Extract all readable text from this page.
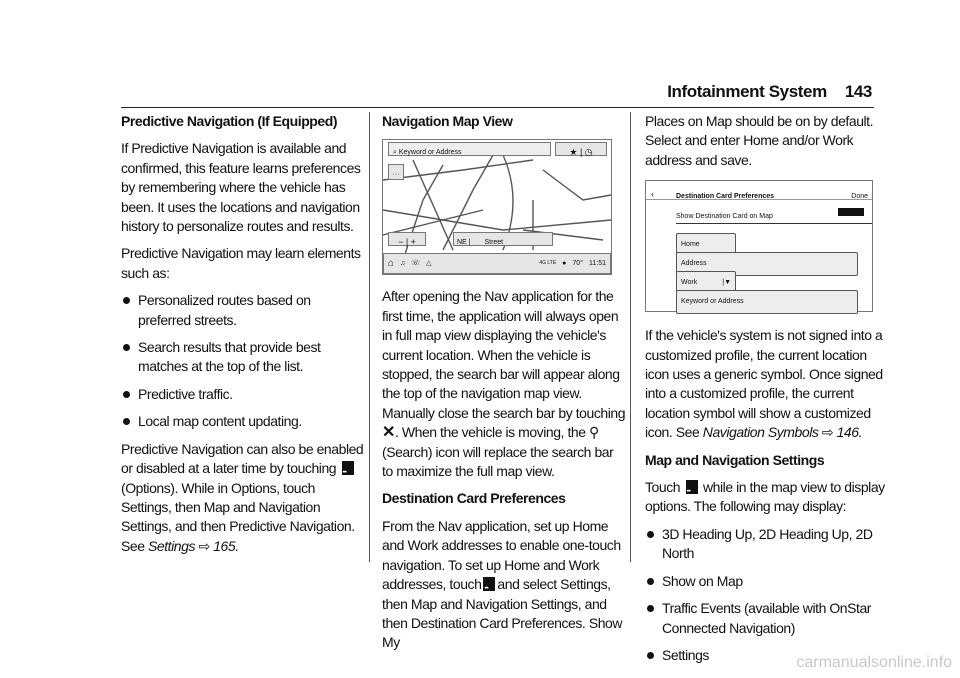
Infotainment System 143
Predictive Navigation (If Equipped)

If Predictive Navigation is available and confirmed, this feature learns preferences by remembering where the vehicle has been. It uses the locations and navigation history to personalize routes and results.

Predictive Navigation may learn elements such as:

Personalized routes based on preferred streets.
Search results that provide best matches at the top of the list.
Predictive traffic.
Local map content updating.

Predictive Navigation can also be enabled or disabled at a later time by touching ••• (Options). While in Options, touch Settings, then Map and Navigation Settings, and then Predictive Navigation. See Settings ⇨ 165.

Navigation Map View
⌕ Keyword or Address	★ | ◷
···
− | +	NE | Street
⌂ ♫ ☏ △	4G LTE ● 70° 11:51

After opening the Nav application for the first time, the application will always open in full map view displaying the vehicle's current location. When the vehicle is stopped, the search bar will appear along the top of the navigation map view. Manually close the search bar by touching ✕. When the vehicle is moving, the ⚲ (Search) icon will replace the search bar to maximize the full map view.

Destination Card Preferences

From the Nav application, set up Home and Work addresses to enable one-touch navigation. To set up Home and Work addresses, touch ••• and select Settings, then Map and Navigation Settings, and then Destination Card Preferences. Show My

Places on Map should be on by default. Select and enter Home and/or Work address and save.

‹	Destination Card Preferences	Done
Show Destination Card on Map
Home
Address
Work	|▼
Keyword or Address

If the vehicle's system is not signed into a customized profile, the current location icon uses a generic symbol. Once signed into a customized profile, the current location symbol will show a customized icon. See Navigation Symbols ⇨ 146.

Map and Navigation Settings

Touch ••• while in the map view to display options. The following may display:

3D Heading Up, 2D Heading Up, 2D North
Show on Map
Traffic Events (available with OnStar Connected Navigation)
Settings	carmanualsonline.info
